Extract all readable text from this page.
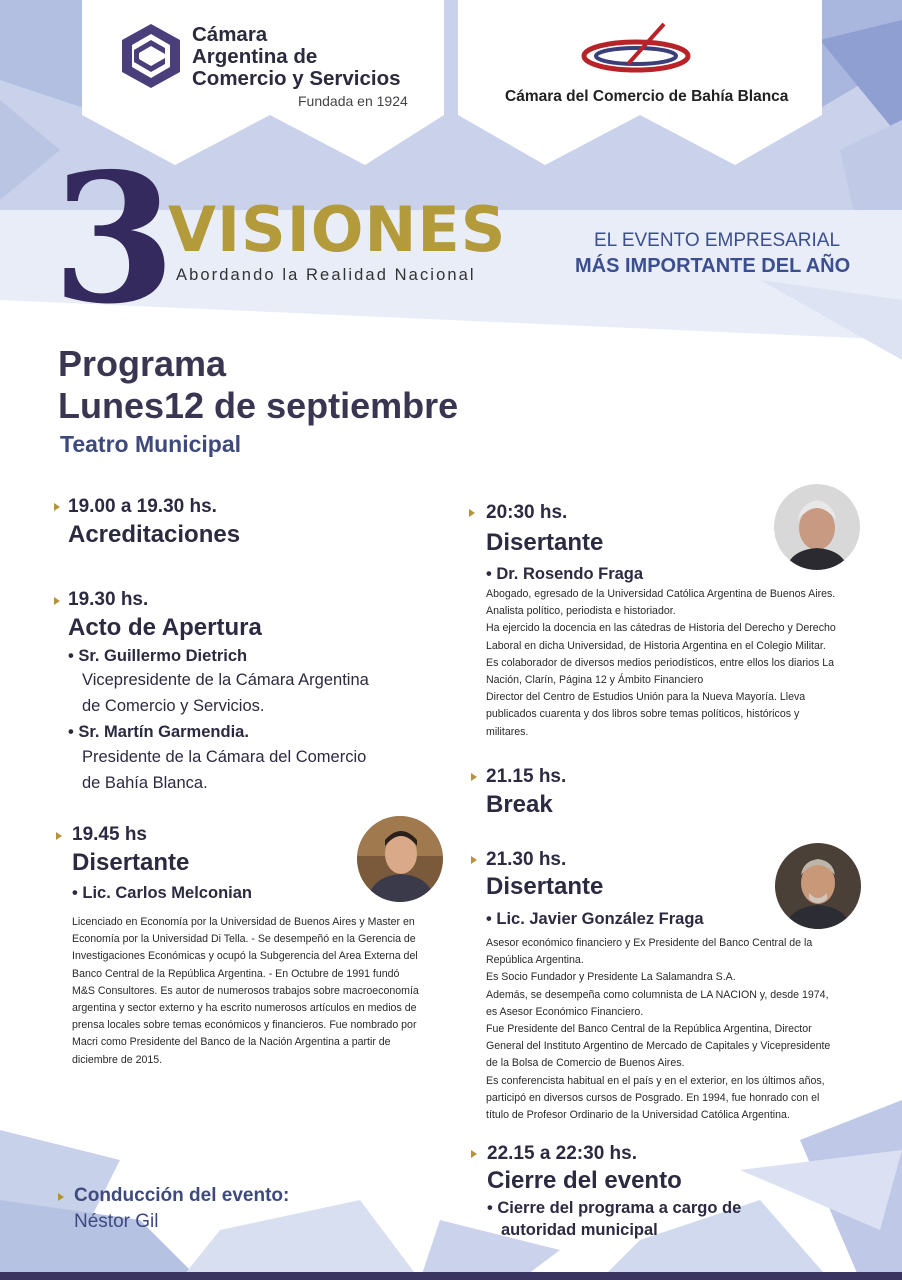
Cámara
Argentina de
Comercio y Servicios
Fundada en 1924	Cámara del Comercio de Bahía Blanca
3
VISIONES
Abordando la Realidad Nacional
EL EVENTO EMPRESARIAL
MÁS IMPORTANTE DEL AÑO
Programa
Lunes12 de septiembre
Teatro Municipal
19.00 a 19.30 hs.
Acreditaciones
19.30 hs.
Acto de Apertura
• Sr. Guillermo Dietrich
Vicepresidente de la Cámara Argentina
de Comercio y Servicios.
• Sr. Martín Garmendia.
Presidente de la Cámara del Comercio
de Bahía Blanca.
19.45 hs
Disertante
• Lic. Carlos Melconian
Licenciado en Economía por la Universidad de Buenos Aires y Master en
Economía por la Universidad Di Tella. - Se desempeñó en la Gerencia de
Investigaciones Económicas y ocupó la Subgerencia del Area Externa del
Banco Central de la República Argentina. - En Octubre de 1991 fundó
M&S Consultores. Es autor de numerosos trabajos sobre macroeconomía
argentina y sector externo y ha escrito numerosos artículos en medios de
prensa locales sobre temas económicos y financieros. Fue nombrado por
Macri como Presidente del Banco de la Nación Argentina a partir de
diciembre de 2015.
Conducción del evento:
Néstor Gil
20:30 hs.
Disertante
• Dr. Rosendo Fraga
Abogado, egresado de la Universidad Católica Argentina de Buenos Aires.
Analista político, periodista e historiador.
Ha ejercido la docencia en las cátedras de Historia del Derecho y Derecho
Laboral en dicha Universidad, de Historia Argentina en el Colegio Militar.
Es colaborador de diversos medios periodísticos, entre ellos los diarios La
Nación, Clarín, Página 12 y Ámbito Financiero
Director del Centro de Estudios Unión para la Nueva Mayoría. Lleva
publicados cuarenta y dos libros sobre temas políticos, históricos y
militares.
21.15 hs.
Break
21.30 hs.
Disertante
• Lic. Javier González Fraga
Asesor económico financiero y Ex Presidente del Banco Central de la
República Argentina.
Es Socio Fundador y Presidente La Salamandra S.A.
Además, se desempeña como columnista de LA NACION y, desde 1974,
es Asesor Económico Financiero.
Fue Presidente del Banco Central de la República Argentina, Director
General del Instituto Argentino de Mercado de Capitales y Vicepresidente
de la Bolsa de Comercio de Buenos Aires.
Es conferencista habitual en el país y en el exterior, en los últimos años,
participó en diversos cursos de Posgrado. En 1994, fue honrado con el
título de Profesor Ordinario de la Universidad Católica Argentina.
22.15 a 22:30 hs.
Cierre del evento
• Cierre del programa a cargo de
autoridad municipal
